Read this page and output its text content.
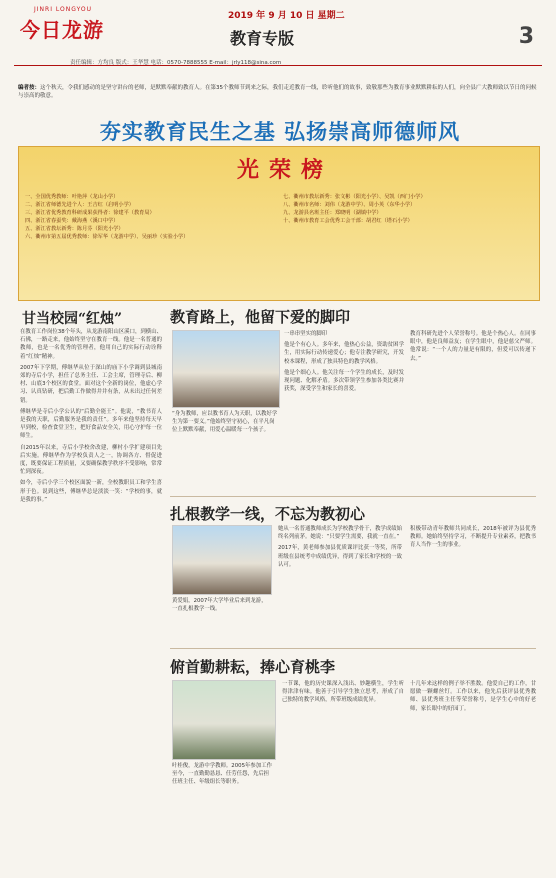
JINRI LONGYOU
今日龙游
2019 年 9 月 10 日 星期二
教育专版	3
责任编辑：方均良 版式：王华慧 电话：0570-7888555 E-mail：jrly118@sina.com
编者按：这个秋天，令我们感动的是坚守讲台的老师，是默默奉献的教育人。在第35个教师节到来之际，我们走近教育一线，聆听他们的故事，致敬那些为教育事业默默耕耘的人们，向全县广大教师致以节日的问候与崇高的敬意。
夯实教育民生之基 弘扬崇高师德师风
光荣榜
一、全国优秀教师：叶艳萍（龙山小学）
二、浙江省师德先进个人：王吉红（启明小学）
三、浙江省优秀教育科研成果获得者：徐建平（教育局）
四、浙江省春蚕奖：戴海燕（溪口中学）
五、浙江省教坛新秀：陈月芬（阳光小学）
六、衢州市第五届优秀教师：徐军华（龙游中学）、吴丽珍（实验小学）
七、衢州市教坛新秀：张文彬（阳光小学）、吴凯（西门小学）
八、衢州市名师：刘伟（龙游中学）、周小英（东华小学）
九、龙游县名班主任：郑晓明（湖镇中学）
十、衢州市教育工会优秀工会干部：胡君红（塔石小学）
甘当校园“红烛”

在教育工作岗位38个年头，从龙游南阳山区溪口，到横山、石佛，一路走来，他始终坚守在教育一线。他是一名普通的教师，也是一名优秀的管理者，他用自己的实际行动诠释着“红烛”精神。

2007年下学期，傅继华从位于深山的庙下小学调到县城南郊的寺后小学，担任了总务主任、工会主席，管理寺后、柳村、山底3个校区的食堂。面对这个全新的岗位，他虚心学习、认真钻研，把后勤工作做得井井有条，从未出过任何差错。

傅继华是寺后小学公认的“后勤全能王”。他说，“教书育人是我的天职，后勤服务是我的责任”。多年来他坚持每天早早到校，检查食堂卫生，把好食品安全关，用心守护每一位师生。

自2015年以来，寺后小学校舍改建，柳村小学扩建项目先后实施。傅继华作为学校负责人之一，协调各方、督促进度，既要保证工程质量，又要确保教学秩序不受影响，常常忙到深夜。

如今，寺后小学三个校区面貌一新，全校教职员工和学生喜形于色。说到这些，傅继华总是淡淡一笑：“学校的事，就是我的事。”

教育路上，他留下爱的脚印
“身为教师，应以教书育人为天职，以教好学生为第一要义。”他始终坚守初心，在平凡岗位上默默奉献，用爱心温暖每一个孩子。

一串串坚实的脚印

他是个有心人。多年来，他热心公益，资助贫困学生，用实际行动传递爱心；他专注教学研究，开发校本课程，形成了独具特色的教学风格。

他是个细心人。他关注每一个学生的成长，及时发现问题、化解矛盾。多次带领学生参加各类比赛并获奖，深受学生和家长的喜爱。

教育科研先进个人荣誉称号。他是个热心人。在同事眼中，他是良师益友；在学生眼中，他是慈父严师。他常说：“一个人的力量是有限的，但爱可以传递下去。”

扎根教学一线，不忘为教初心
黄爱娟，2007年大学毕业后来到龙游，一直扎根教学一线。

她从一名普通教师成长为学校教学骨干，教学成绩始终名列前茅。她说：“只要学生需要，我就一直在。”

2017年，黄老师参加县优质课评比获一等奖，所带班级在县统考中成绩优异，得到了家长和学校的一致认可。

积极带动青年教师共同成长，2018年被评为县优秀教师。她始终坚持学习，不断提升专业素养，把教书育人当作一生的事业。

俯首勤耕耘，捧心育桃李
叶桂俊，龙游中学教师。2005年参加工作至今，一直勤勤恳恳、任劳任怨，先后担任班主任、年级组长等职务。

一节课，他的历史课深入浅出、妙趣横生，学生听得津津有味。他善于引导学生独立思考，形成了自己独特的教学风格，所带班级成绩优异。

十几年来这样的例子举不胜数。他爱自己的工作，甘愿做一颗螺丝钉。工作以来，他先后获评县优秀教师、县优秀班主任等荣誉称号，是学生心中的好老师，家长眼中的好园丁。
